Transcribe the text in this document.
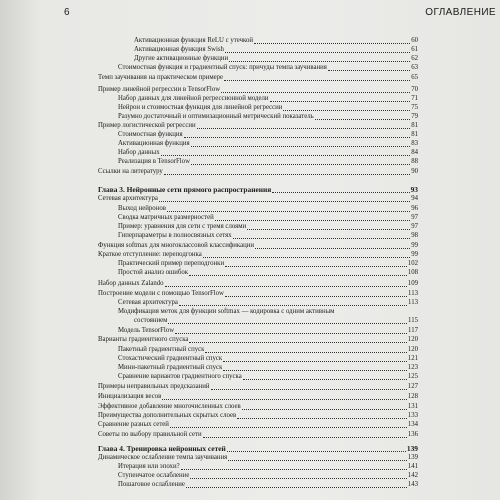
6	ОГЛАВЛЕНИЕ
Активационная функция ReLU с утечкой	60
Активационная функция Swish	61
Другие активационные функции	62
Стоимостная функция и градиентный спуск: причуды темпа заучивания	63
Темп заучивания на практическом примере	65
Пример линейной регрессии в TensorFlow	70
Набор данных для линейной регрессионной модели	71
Нейрон и стоимостная функция для линейной регрессии	75
Разумно достаточный и оптимизационный метрический показатель	79
Пример логистической регрессии	81
Стоимостная функция	81
Активационная функция	83
Набор данных	84
Реализация в TensorFlow	88
Ссылки на литературу	90
Глава 3. Нейронные сети прямого распространения	93
Сетевая архитектура	94
Выход нейронов	96
Сводка матричных размерностей	97
Пример: уравнения для сети с тремя слоями	97
Гиперпараметры в полносвязных сетях	98
Функция softmax для многоклассовой классификации	99
Краткое отступление: переподгонка	99
Практический пример переподгонки	102
Простой анализ ошибок	108
Набор данных Zalando	109
Построение модели с помощью TensorFlow	113
Сетевая архитектура	113
Модификация меток для функции softmax — кодировка с одним активным
состоянием	115
Модель TensorFlow	117
Варианты градиентного спуска	120
Пакетный градиентный спуск	120
Стохастический градиентный спуск	121
Мини-пакетный градиентный спуск	123
Сравнение вариантов градиентного спуска	125
Примеры неправильных предсказаний	127
Инициализация весов	128
Эффективное добавление многочисленных слоев	131
Преимущества дополнительных скрытых слоев	133
Сравнение разных сетей	134
Советы по выбору правильной сети	136
Глава 4. Тренировка нейронных сетей	139
Динамическое ослабление темпа заучивания	139
Итерация или эпохи?	141
Ступенчатое ослабление	142
Пошаговое ослабление	143
